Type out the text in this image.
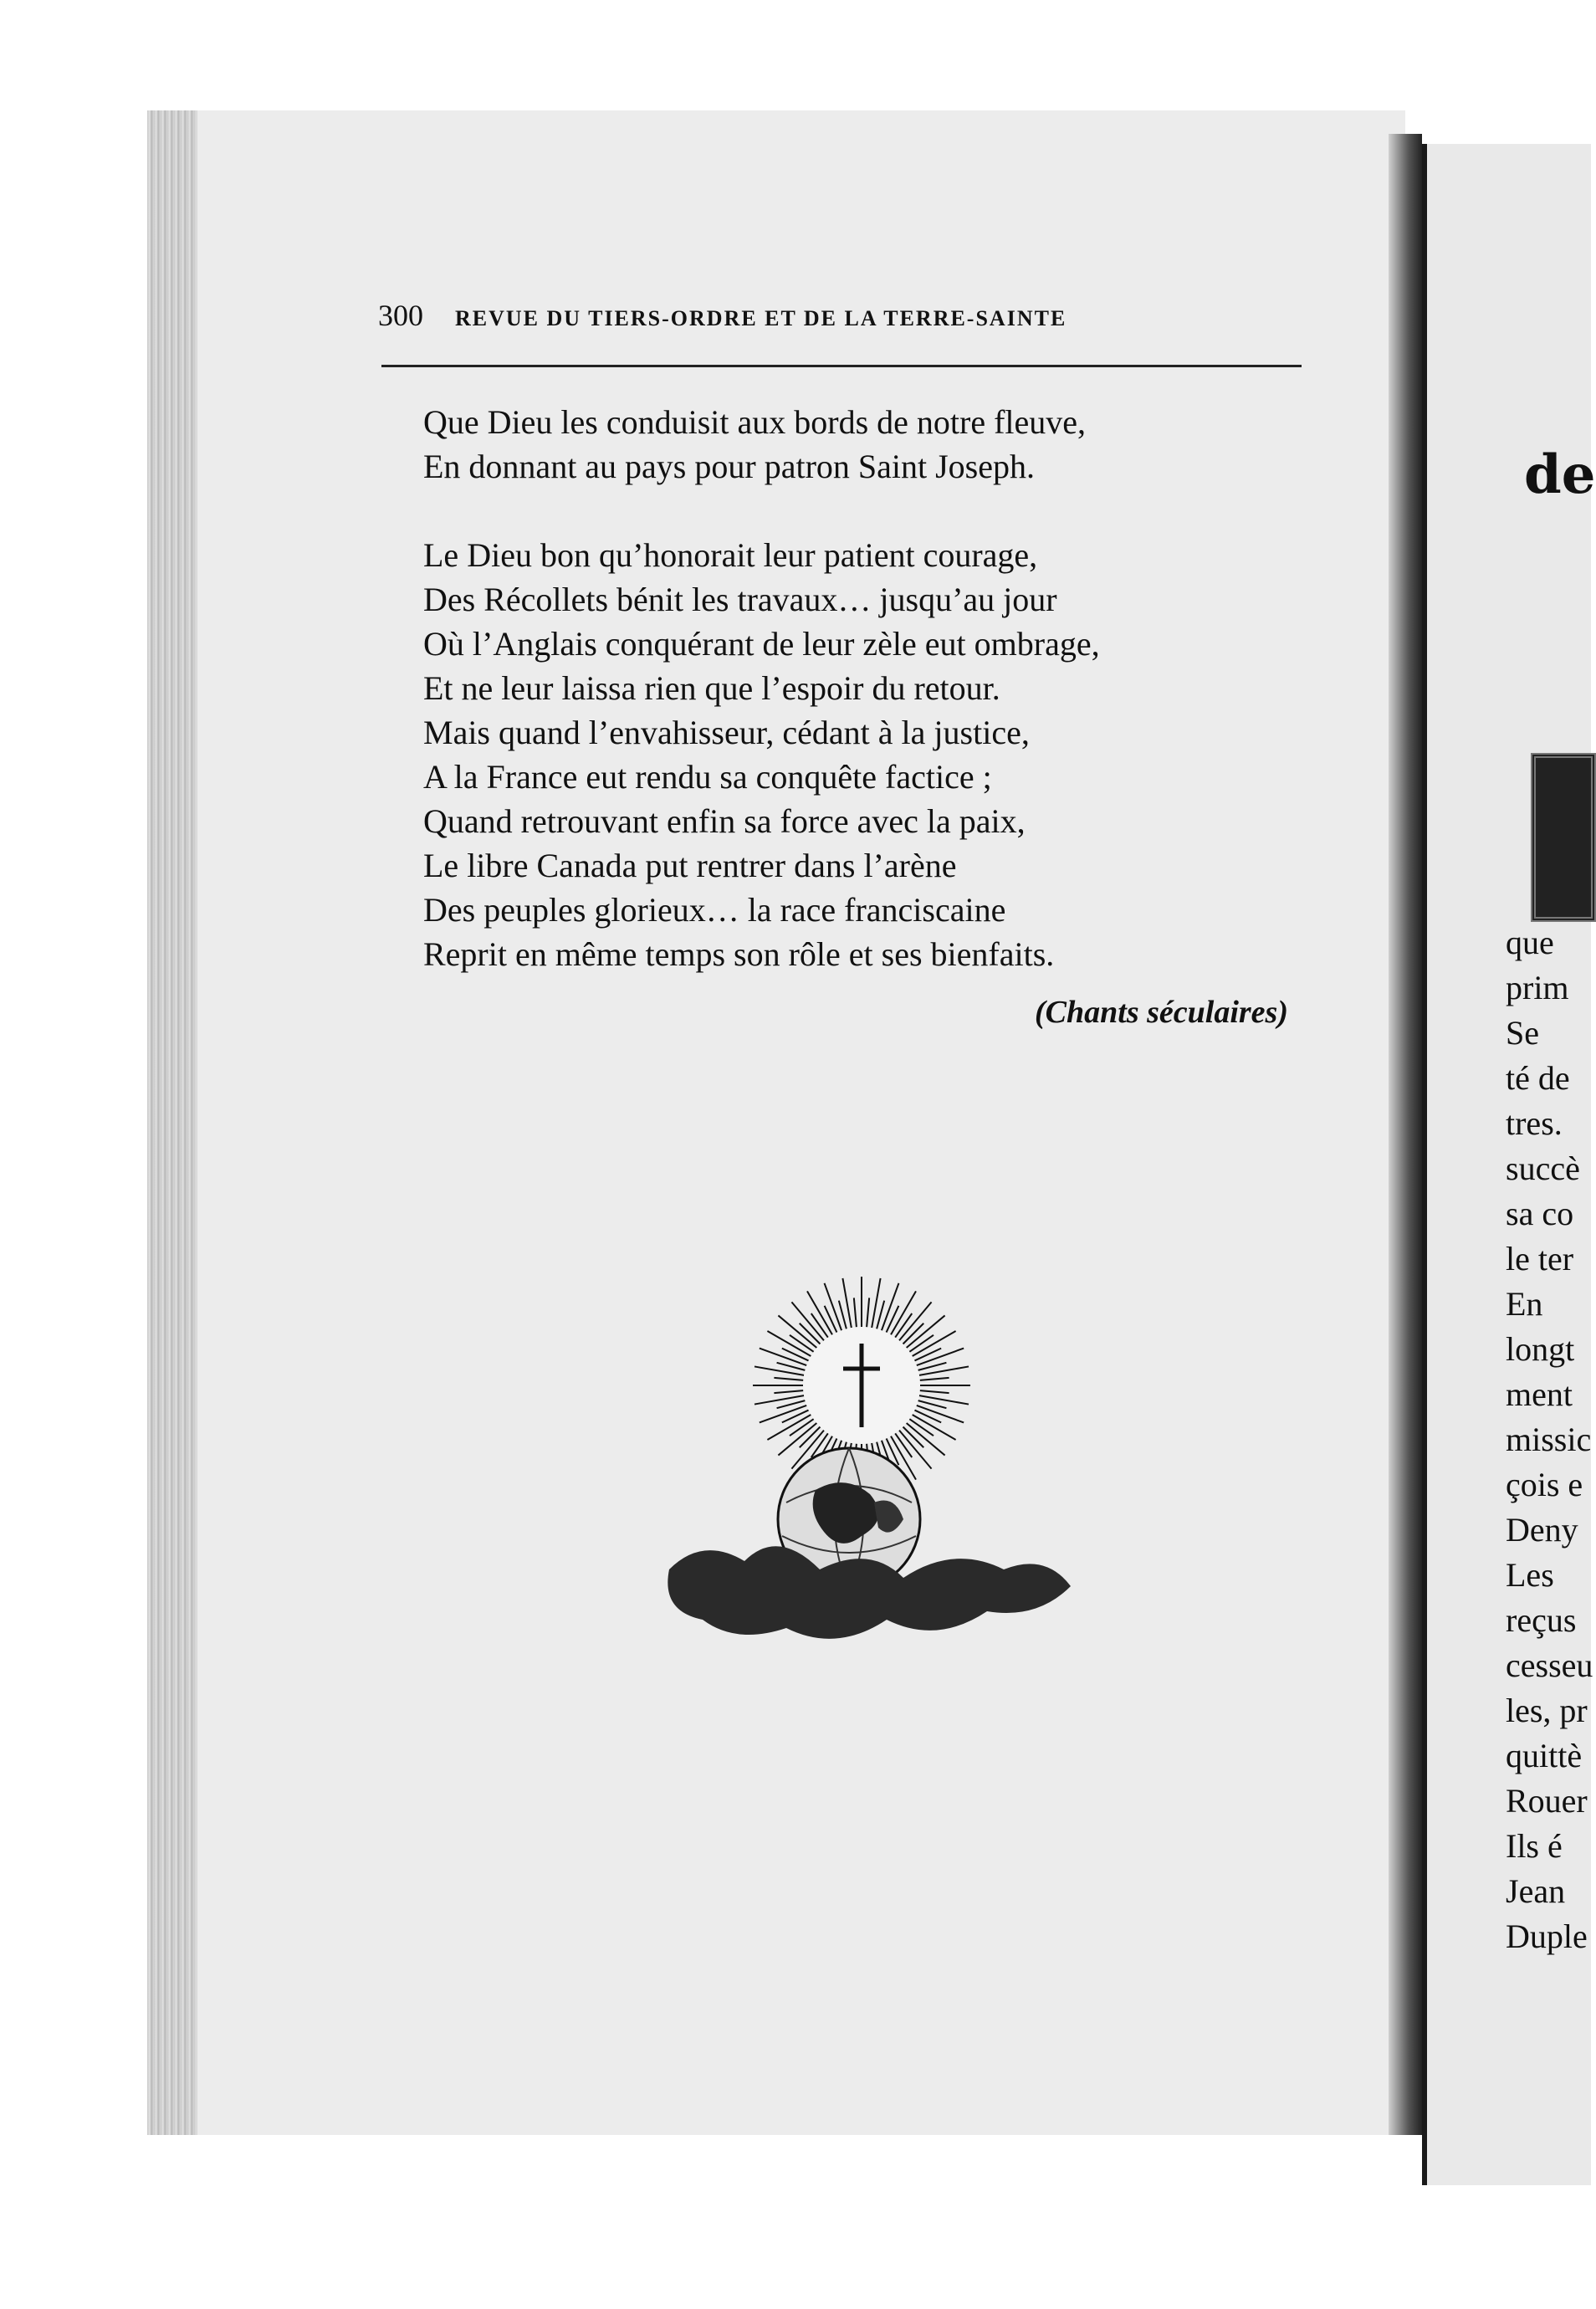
300 REVUE DU TIERS-ORDRE ET DE LA TERRE-SAINTE
Que Dieu les conduisit aux bords de notre fleuve,
En donnant au pays pour patron Saint Joseph.
Le Dieu bon qu’honorait leur patient courage,
Des Récollets bénit les travaux… jusqu’au jour
Où l’Anglais conquérant de leur zèle eut ombrage,
Et ne leur laissa rien que l’espoir du retour.
Mais quand l’envahisseur, cédant à la justice,
A la France eut rendu sa conquête factice ;
Quand retrouvant enfin sa force avec la paix,
Le libre Canada put rentrer dans l’arène
Des peuples glorieux… la race franciscaine
Reprit en même temps son rôle et ses bienfaits.
(Chants séculaires)
de
que
prim
Se
té de
tres.
succè
sa co
le ter
En
longt
ment
missic
çois e
Deny
Les
reçus
cesseu
les, pr
quittè
Rouer
Ils é
Jean
Duple
